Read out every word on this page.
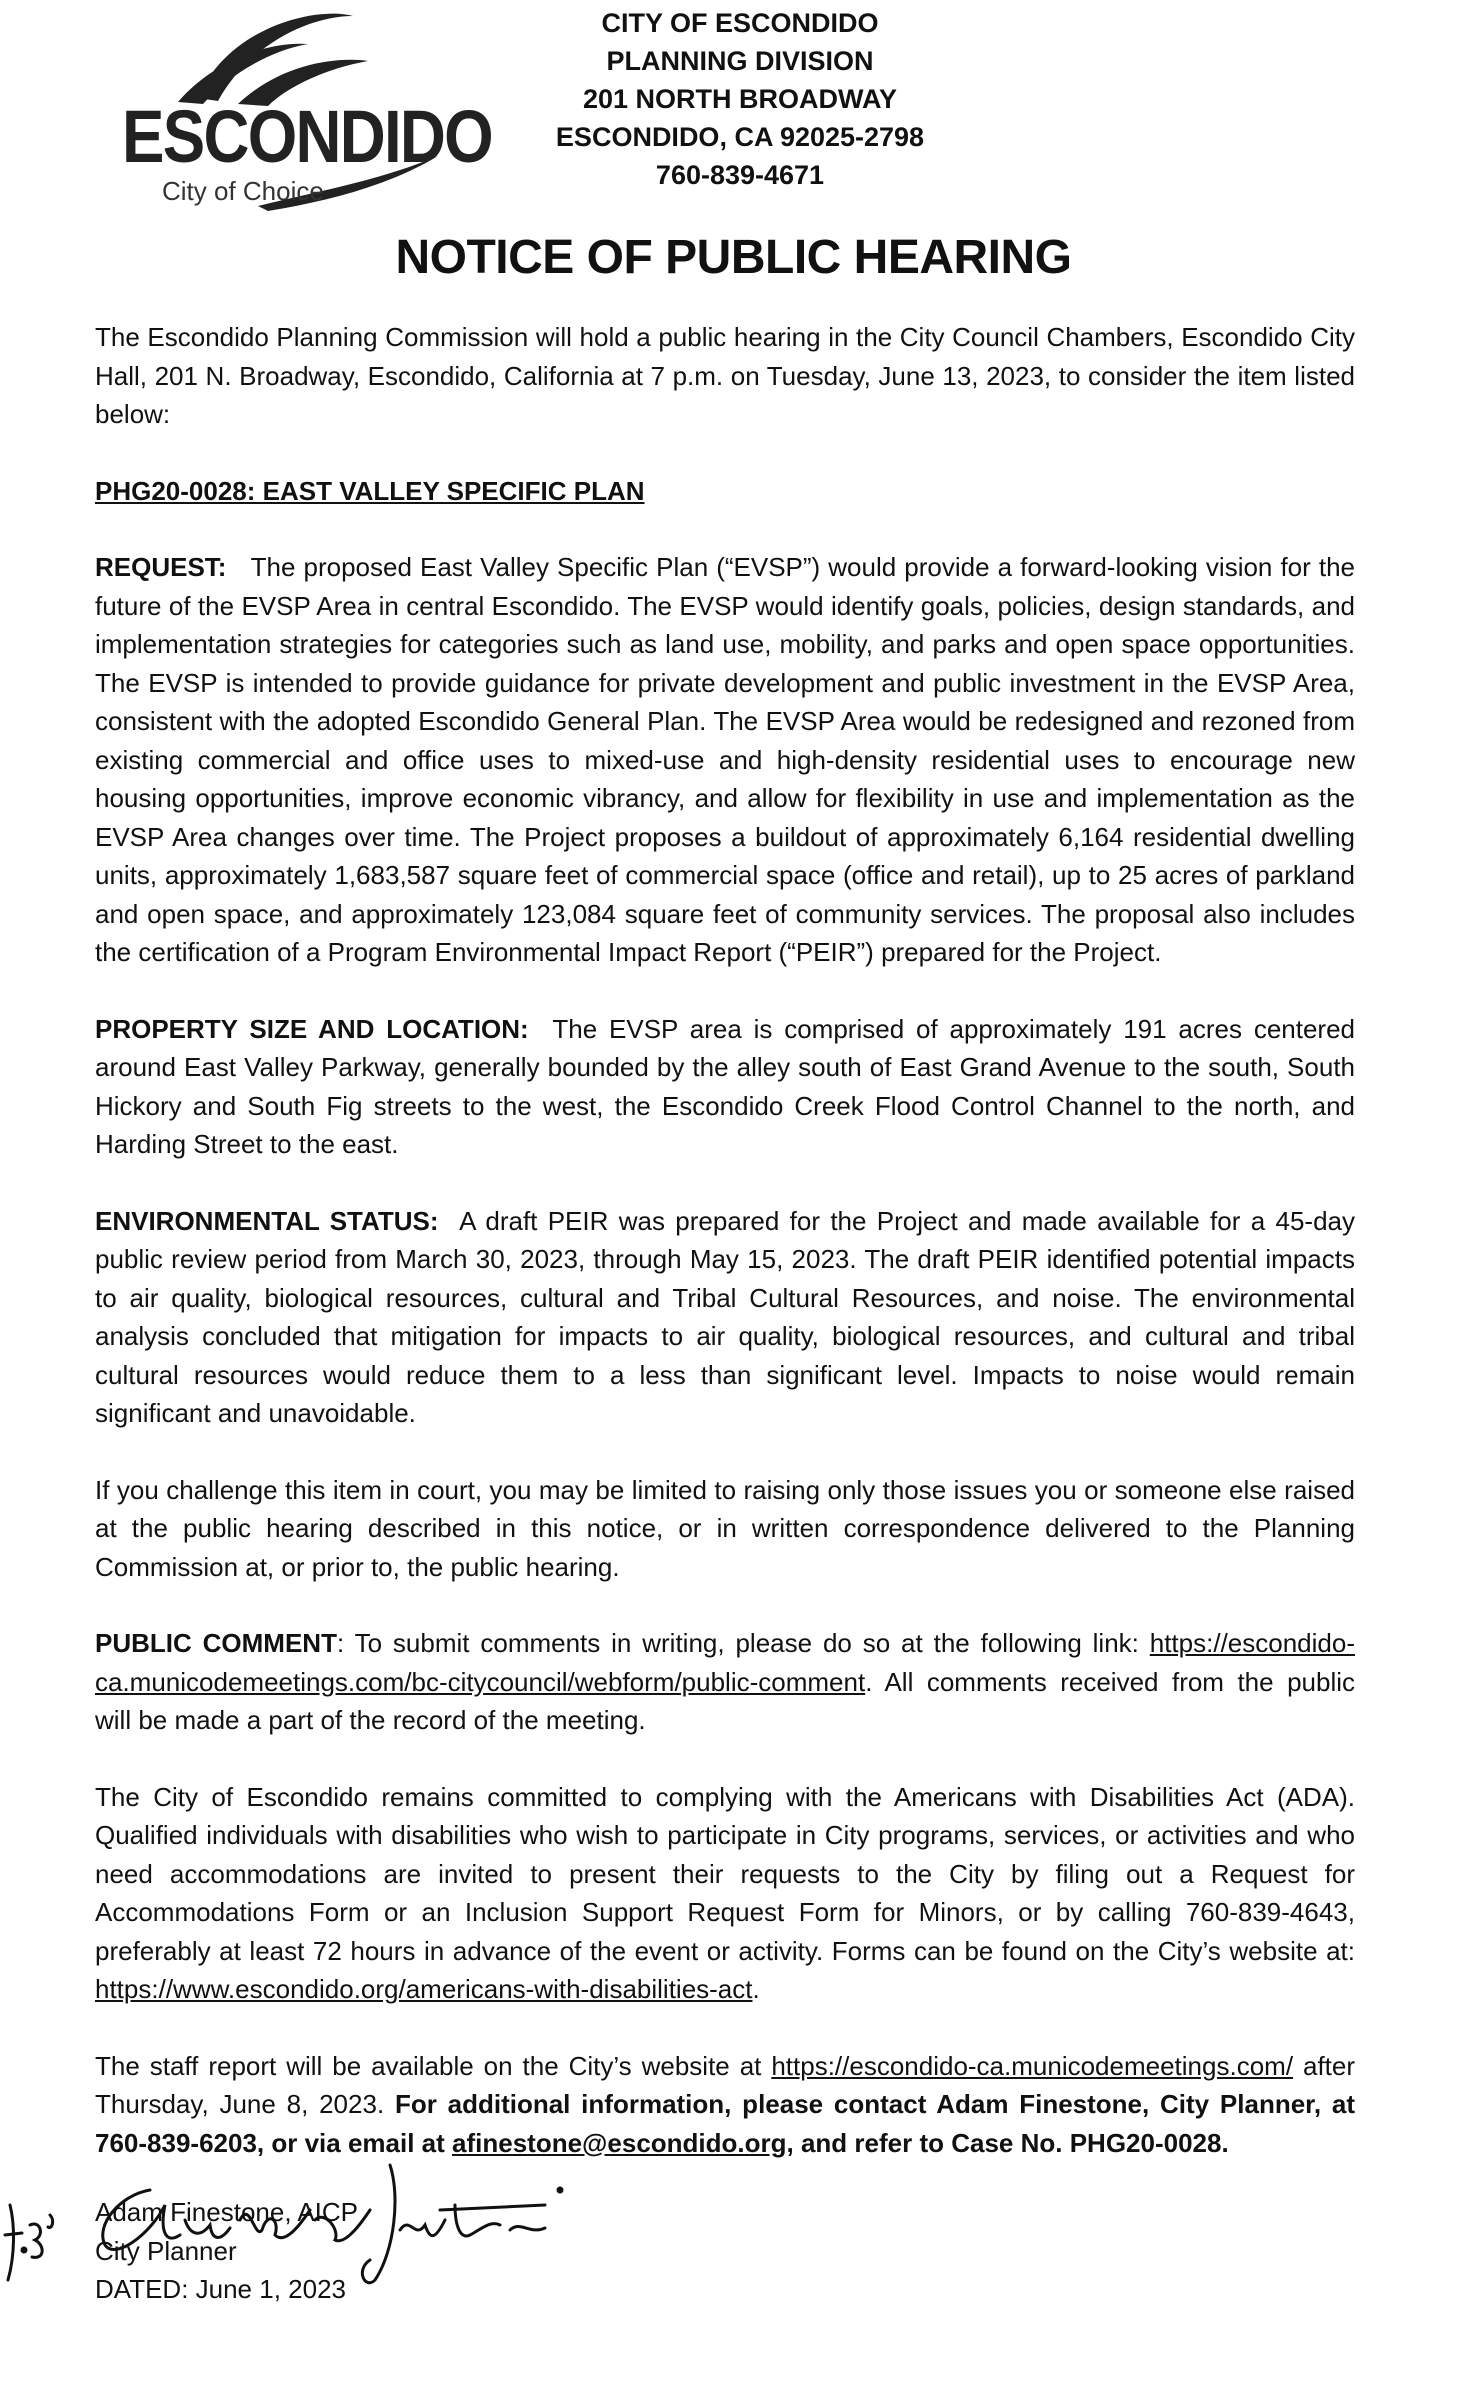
ESCONDIDO
City of Choice
CITY OF ESCONDIDO
PLANNING DIVISION
201 NORTH BROADWAY
ESCONDIDO, CA 92025-2798
760-839-4671
NOTICE OF PUBLIC HEARING

The Escondido Planning Commission will hold a public hearing in the City Council Chambers, Escondido City Hall, 201 N. Broadway, Escondido, California at 7 p.m. on Tuesday, June 13, 2023, to consider the item listed below:

PHG20-0028: EAST VALLEY SPECIFIC PLAN

REQUEST: The proposed East Valley Specific Plan (“EVSP”) would provide a forward-looking vision for the future of the EVSP Area in central Escondido. The EVSP would identify goals, policies, design standards, and implementation strategies for categories such as land use, mobility, and parks and open space opportunities. The EVSP is intended to provide guidance for private development and public investment in the EVSP Area, consistent with the adopted Escondido General Plan. The EVSP Area would be redesigned and rezoned from existing commercial and office uses to mixed-use and high-density residential uses to encourage new housing opportunities, improve economic vibrancy, and allow for flexibility in use and implementation as the EVSP Area changes over time. The Project proposes a buildout of approximately 6,164 residential dwelling units, approximately 1,683,587 square feet of commercial space (office and retail), up to 25 acres of parkland and open space, and approximately 123,084 square feet of community services. The proposal also includes the certification of a Program Environmental Impact Report (“PEIR”) prepared for the Project.

PROPERTY SIZE AND LOCATION: The EVSP area is comprised of approximately 191 acres centered around East Valley Parkway, generally bounded by the alley south of East Grand Avenue to the south, South Hickory and South Fig streets to the west, the Escondido Creek Flood Control Channel to the north, and Harding Street to the east.

ENVIRONMENTAL STATUS: A draft PEIR was prepared for the Project and made available for a 45-day public review period from March 30, 2023, through May 15, 2023. The draft PEIR identified potential impacts to air quality, biological resources, cultural and Tribal Cultural Resources, and noise. The environmental analysis concluded that mitigation for impacts to air quality, biological resources, and cultural and tribal cultural resources would reduce them to a less than significant level. Impacts to noise would remain significant and unavoidable.

If you challenge this item in court, you may be limited to raising only those issues you or someone else raised at the public hearing described in this notice, or in written correspondence delivered to the Planning Commission at, or prior to, the public hearing.

PUBLIC COMMENT: To submit comments in writing, please do so at the following link: https://escondido-ca.municodemeetings.com/bc-citycouncil/webform/public-comment. All comments received from the public will be made a part of the record of the meeting.

The City of Escondido remains committed to complying with the Americans with Disabilities Act (ADA). Qualified individuals with disabilities who wish to participate in City programs, services, or activities and who need accommodations are invited to present their requests to the City by filing out a Request for Accommodations Form or an Inclusion Support Request Form for Minors, or by calling 760-839-4643, preferably at least 72 hours in advance of the event or activity. Forms can be found on the City’s website at: https://www.escondido.org/americans-with-disabilities-act.

The staff report will be available on the City’s website at https://escondido-ca.municodemeetings.com/ after Thursday, June 8, 2023. For additional information, please contact Adam Finestone, City Planner, at 760-839-6203, or via email at afinestone@escondido.org, and refer to Case No. PHG20-0028.

Adam Finestone, AICP
City Planner
DATED: June 1, 2023
